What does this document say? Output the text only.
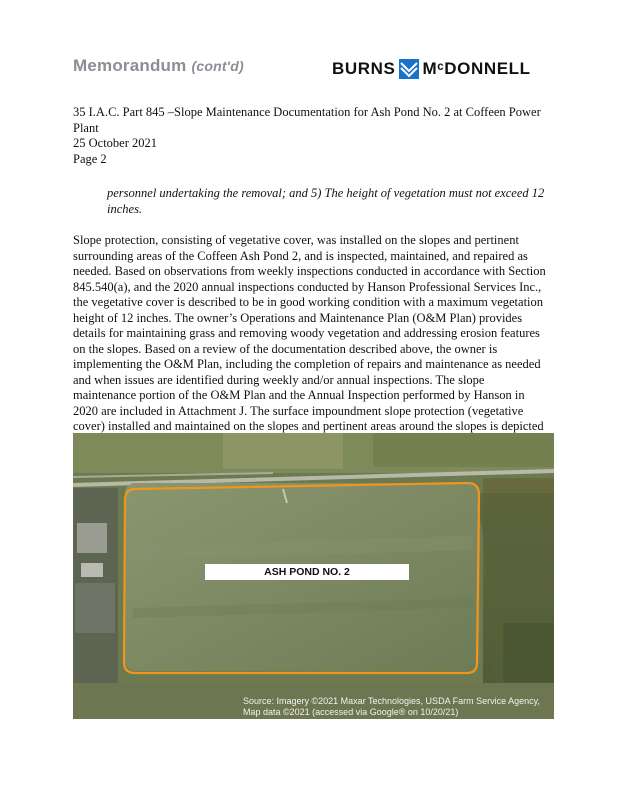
Memorandum (cont'd)	BURNS MᶜDONNELL
35 I.A.C. Part 845 –Slope Maintenance Documentation for Ash Pond No. 2 at Coffeen Power
Plant
25 October 2021
Page 2
personnel undertaking the removal; and 5) The height of vegetation must not exceed 12 inches.
Slope protection, consisting of vegetative cover, was installed on the slopes and pertinent surrounding areas of the Coffeen Ash Pond 2, and is inspected, maintained, and repaired as needed. Based on observations from weekly inspections conducted in accordance with Section 845.540(a), and the 2020 annual inspections conducted by Hanson Professional Services Inc., the vegetative cover is described to be in good working condition with a maximum vegetation height of 12 inches. The owner’s Operations and Maintenance Plan (O&M Plan) provides details for maintaining grass and removing woody vegetation and addressing erosion features on the slopes. Based on a review of the documentation described above, the owner is implementing the O&M Plan, including the completion of repairs and maintenance as needed and when issues are identified during weekly and/or annual inspections. The slope maintenance portion of the O&M Plan and the Annual Inspection performed by Hanson in 2020 are included in Attachment J. The surface impoundment slope protection (vegetative cover) installed and maintained on the slopes and pertinent areas around the slopes is depicted
ASH POND NO. 2
Source: Imagery ©2021 Maxar Technologies, USDA Farm Service Agency,
Map data ©2021 (accessed via Google® on 10/20/21)
